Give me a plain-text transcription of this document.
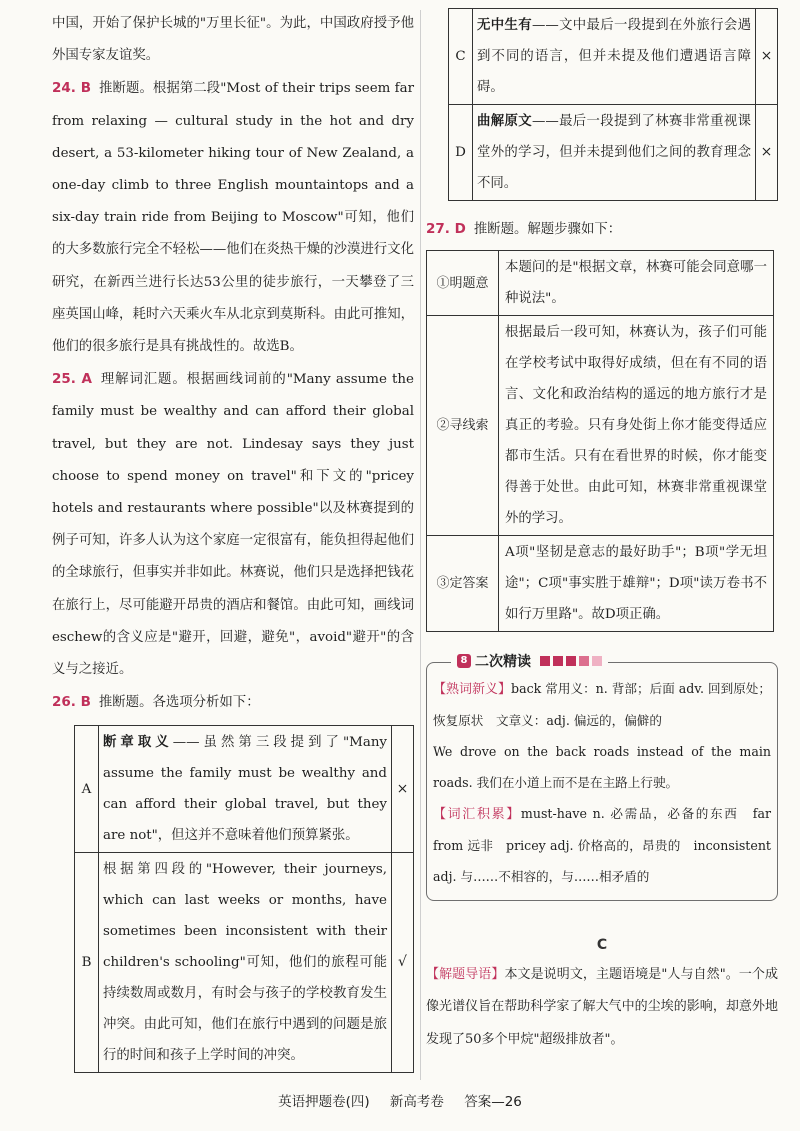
中国，开始了保护长城的"万里长征"。为此，中国政府授予他外国专家友谊奖。

24. B 推断题。根据第二段"Most of their trips seem far from relaxing — cultural study in the hot and dry desert, a 53-kilometer hiking tour of New Zealand, a one-day climb to three English mountaintops and a six-day train ride from Beijing to Moscow"可知，他们的大多数旅行完全不轻松——他们在炎热干燥的沙漠进行文化研究，在新西兰进行长达53公里的徒步旅行，一天攀登了三座英国山峰，耗时六天乘火车从北京到莫斯科。由此可推知，他们的很多旅行是具有挑战性的。故选B。

25. A 理解词汇题。根据画线词前的"Many assume the family must be wealthy and can afford their global travel, but they are not. Lindesay says they just choose to spend money on travel"和下文的"pricey hotels and restaurants where possible"以及林赛提到的例子可知，许多人认为这个家庭一定很富有，能负担得起他们的全球旅行，但事实并非如此。林赛说，他们只是选择把钱花在旅行上，尽可能避开昂贵的酒店和餐馆。由此可知，画线词eschew的含义应是"避开，回避，避免"，avoid"避开"的含义与之接近。

26. B 推断题。各选项分析如下：

A	断章取义——虽然第三段提到了"Many assume the family must be wealthy and can afford their global travel, but they are not"，但这并不意味着他们预算紧张。	×
B	根据第四段的"However, their journeys, which can last weeks or months, have sometimes been inconsistent with their children's schooling"可知，他们的旅程可能持续数周或数月，有时会与孩子的学校教育发生冲突。由此可知，他们在旅行中遇到的问题是旅行的时间和孩子上学时间的冲突。	√
C	无中生有——文中最后一段提到在外旅行会遇到不同的语言，但并未提及他们遭遇语言障碍。	×
D	曲解原文——最后一段提到了林赛非常重视课堂外的学习，但并未提到他们之间的教育理念不同。	×

27. D 推断题。解题步骤如下：

①明题意	本题问的是"根据文章，林赛可能会同意哪一种说法"。
②寻线索	根据最后一段可知，林赛认为，孩子们可能在学校考试中取得好成绩，但在有不同的语言、文化和政治结构的遥远的地方旅行才是真正的考验。只有身处街上你才能变得适应都市生活。只有在看世界的时候，你才能变得善于处世。由此可知，林赛非常重视课堂外的学习。
③定答案	A项"坚韧是意志的最好助手"；B项"学无坦途"；C项"事实胜于雄辩"；D项"读万卷书不如行万里路"。故D项正确。
8 二次精读

【熟词新义】back 常用义：n. 背部；后面 adv. 回到原处；恢复原状　文章义：adj. 偏远的，偏僻的

We drove on the back roads instead of the main roads. 我们在小道上而不是在主路上行驶。

【词汇积累】must-have n. 必需品，必备的东西　far from 远非　pricey adj. 价格高的，昂贵的　inconsistent adj. 与……不相容的，与……相矛盾的

C

【解题导语】本文是说明文，主题语境是"人与自然"。一个成像光谱仪旨在帮助科学家了解大气中的尘埃的影响，却意外地发现了50多个甲烷"超级排放者"。

英语押题卷(四) 新高考卷 答案—26
